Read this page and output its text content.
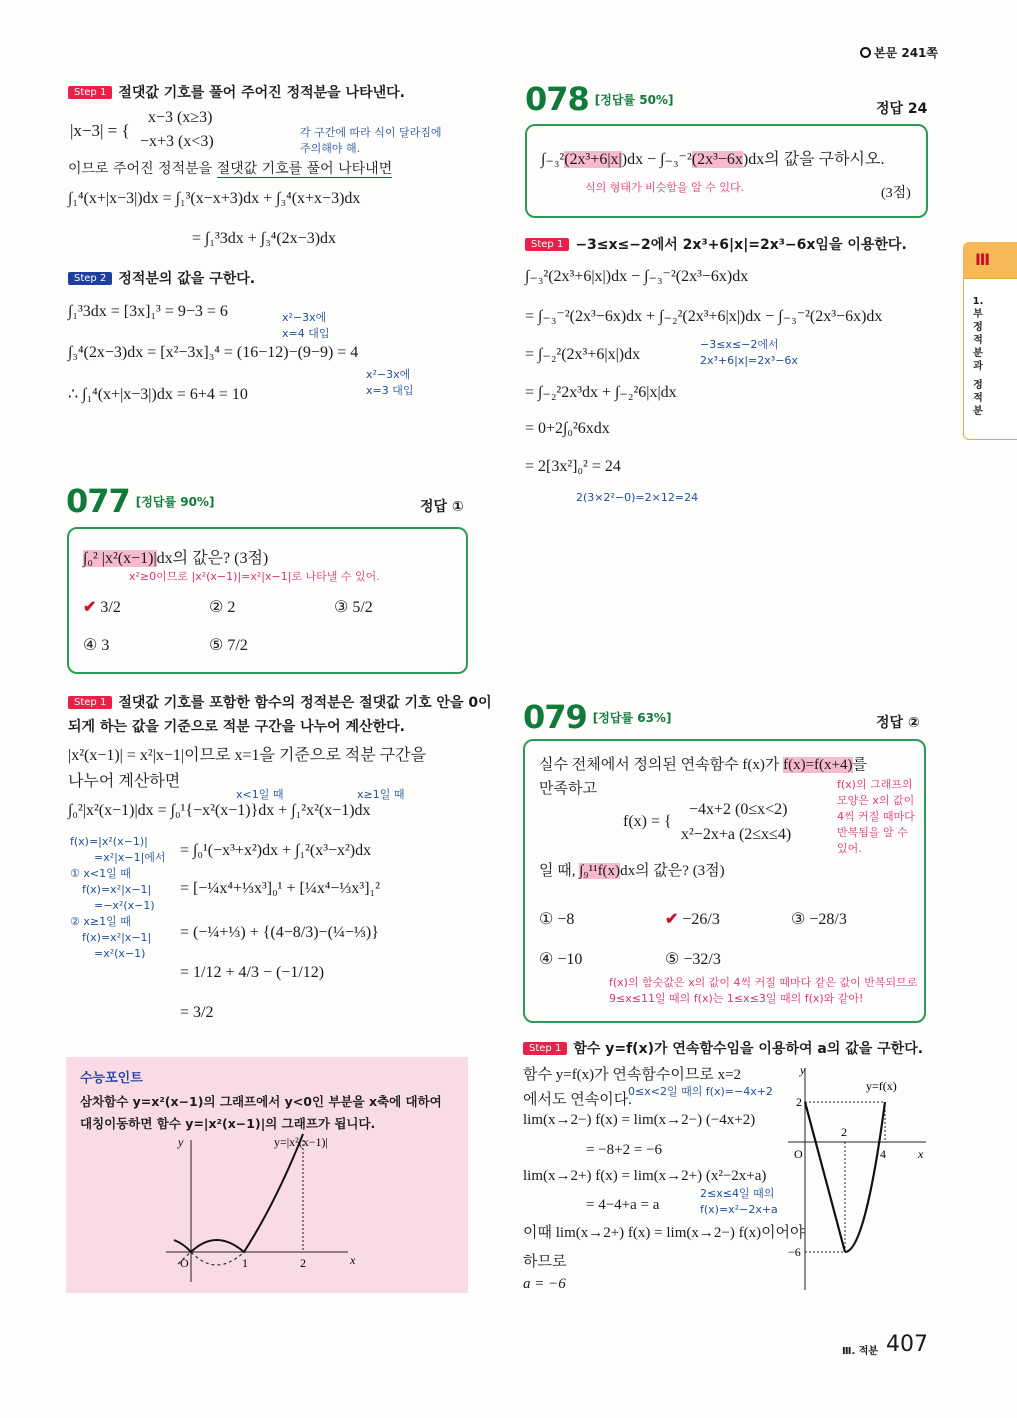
본문 241쪽
Step 1 절댓값 기호를 풀어 주어진 정적분을 나타낸다.
x−3 (x≥3)
|x−3| = {
−x+3 (x<3)
각 구간에 따라 식이 달라짐에
주의해야 해.
이므로 주어진 정적분을 절댓값 기호를 풀어 나타내면
∫₁⁴(x+|x−3|)dx = ∫₁³(x−x+3)dx + ∫₃⁴(x+x−3)dx
= ∫₁³3dx + ∫₃⁴(2x−3)dx
Step 2 정적분의 값을 구한다.
∫₁³3dx = [3x]₁³ = 9−3 = 6	x²−3x에
x=4 대입
∫₃⁴(2x−3)dx = [x²−3x]₃⁴ = (16−12)−(9−9) = 4
x²−3x에
x=3 대입
∴ ∫₁⁴(x+|x−3|)dx = 6+4 = 10
077 [정답률 90%]	정답 ①
∫₀² |x²(x−1)|dx의 값은? (3점)
x²≥0이므로 |x²(x−1)|=x²|x−1|로 나타낼 수 있어.
✔ 3/2	② 2	③ 5/2
④ 3	⑤ 7/2
Step 1 절댓값 기호를 포함한 함수의 정적분은 절댓값 기호 안을 0이
되게 하는 값을 기준으로 적분 구간을 나누어 계산한다.
|x²(x−1)| = x²|x−1|이므로 x=1을 기준으로 적분 구간을
나누어 계산하면
x<1일 때	x≥1일 때
∫₀²|x²(x−1)|dx = ∫₀¹{−x²(x−1)}dx + ∫₁²x²(x−1)dx
= ∫₀¹(−x³+x²)dx + ∫₁²(x³−x²)dx
= [−¼x⁴+⅓x³]₀¹ + [¼x⁴−⅓x³]₁²
= (−¼+⅓) + {(4−8/3)−(¼−⅓)}
= 1/12 + 4/3 − (−1/12)
= 3/2
f(x)=|x²(x−1)|
=x²|x−1|에서
① x<1일 때
f(x)=x²|x−1|
=−x²(x−1)
② x≥1일 때
f(x)=x²|x−1|
=x²(x−1)
수능포인트
삼차함수 y=x²(x−1)의 그래프에서 y<0인 부분을 x축에 대하여
대칭이동하면 함수 y=|x²(x−1)|의 그래프가 됩니다.
O	1	2	x
y	y=|x²(x−1)|
078 [정답률 50%]
정답 24
∫₋₃²(2x³+6|x|)dx − ∫₋₃⁻²(2x³−6x)dx의 값을 구하시오.
식의 형태가 비슷함을 알 수 있다.	(3점)
Step 1 −3≤x≤−2에서 2x³+6|x|=2x³−6x임을 이용한다.
∫₋₃²(2x³+6|x|)dx − ∫₋₃⁻²(2x³−6x)dx
= ∫₋₃⁻²(2x³−6x)dx + ∫₋₂²(2x³+6|x|)dx − ∫₋₃⁻²(2x³−6x)dx
= ∫₋₂²(2x³+6|x|)dx
−3≤x≤−2에서
2x³+6|x|=2x³−6x
= ∫₋₂²2x³dx + ∫₋₂²6|x|dx
= 0+2∫₀²6xdx
= 2[3x²]₀² = 24
2(3×2²−0)=2×12=24
079 [정답률 63%]	정답 ②
실수 전체에서 정의된 연속함수 f(x)가 f(x)=f(x+4)를
만족하고
f(x) = {
−4x+2 (0≤x<2)
x²−2x+a (2≤x≤4)
f(x)의 그래프의
모양은 x의 값이
4씩 커질 때마다
반복됨을 알 수
있어.
일 때, ∫₉¹¹f(x)dx의 값은? (3점)
① −8	✔ −26/3	③ −28/3
④ −10	⑤ −32/3
f(x)의 함숫값은 x의 값이 4씩 커질 때마다 같은 값이 반복되므로
9≤x≤11일 때의 f(x)는 1≤x≤3일 때의 f(x)와 같아!
Step 1 함수 y=f(x)가 연속함수임을 이용하여 a의 값을 구한다.
함수 y=f(x)가 연속함수이므로 x=2
에서도 연속이다.
0≤x<2일 때의 f(x)=−4x+2
lim(x→2−) f(x) = lim(x→2−) (−4x+2)
= −8+2 = −6
lim(x→2+) f(x) = lim(x→2+) (x²−2x+a)
2≤x≤4일 때의
f(x)=x²−2x+a
= 4−4+a = a
이때 lim(x→2+) f(x) = lim(x→2−) f(x)이어야
하므로
a = −6
y
x
O
2
−6
2
4
y=f(x)
Ⅲ
1.
부
정
적
분
과
정
적
분
Ⅲ. 적분 407
